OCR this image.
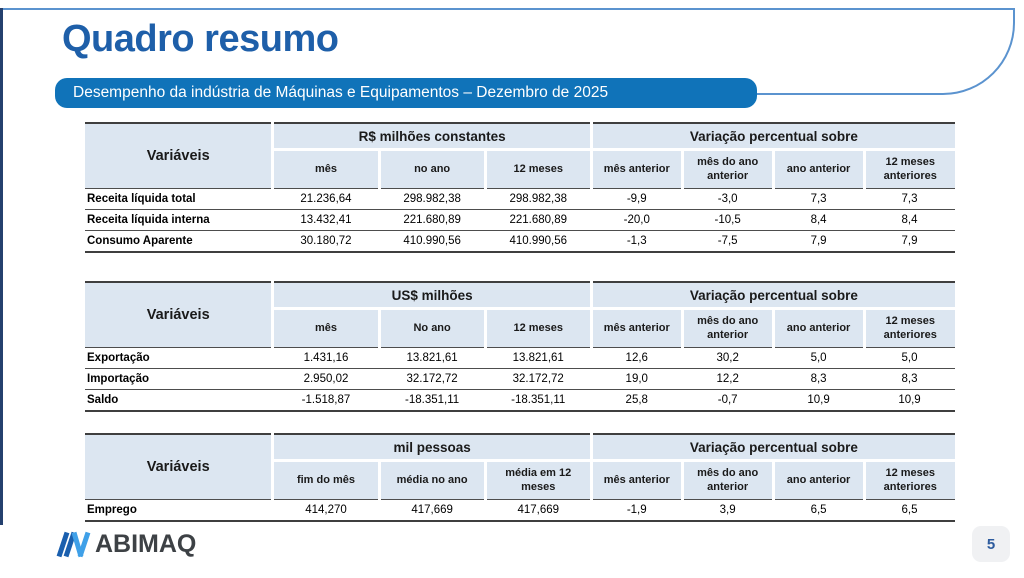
Quadro resumo
Desempenho da indústria de Máquinas e Equipamentos – Dezembro de 2025
Variáveis	R$ milhões constantes			Variação percentual sobre			
	mês	no ano	12 meses	mês anterior	mês do ano anterior	ano anterior	12 meses anteriores
Receita líquida total	21.236,64	298.982,38	298.982,38	-9,9	-3,0	7,3	7,3
Receita líquida interna	13.432,41	221.680,89	221.680,89	-20,0	-10,5	8,4	8,4
Consumo Aparente	30.180,72	410.990,56	410.990,56	-1,3	-7,5	7,9	7,9
Variáveis	US$ milhões			Variação percentual sobre			
	mês	No ano	12 meses	mês anterior	mês do ano anterior	ano anterior	12 meses anteriores
Exportação	1.431,16	13.821,61	13.821,61	12,6	30,2	5,0	5,0
Importação	2.950,02	32.172,72	32.172,72	19,0	12,2	8,3	8,3
Saldo	-1.518,87	-18.351,11	-18.351,11	25,8	-0,7	10,9	10,9
Variáveis	mil pessoas			Variação percentual sobre			
	fim do mês	média no ano	média em 12 meses	mês anterior	mês do ano anterior	ano anterior	12 meses anteriores
Emprego	414,270	417,669	417,669	-1,9	3,9	6,5	6,5
ABIMAQ	5
